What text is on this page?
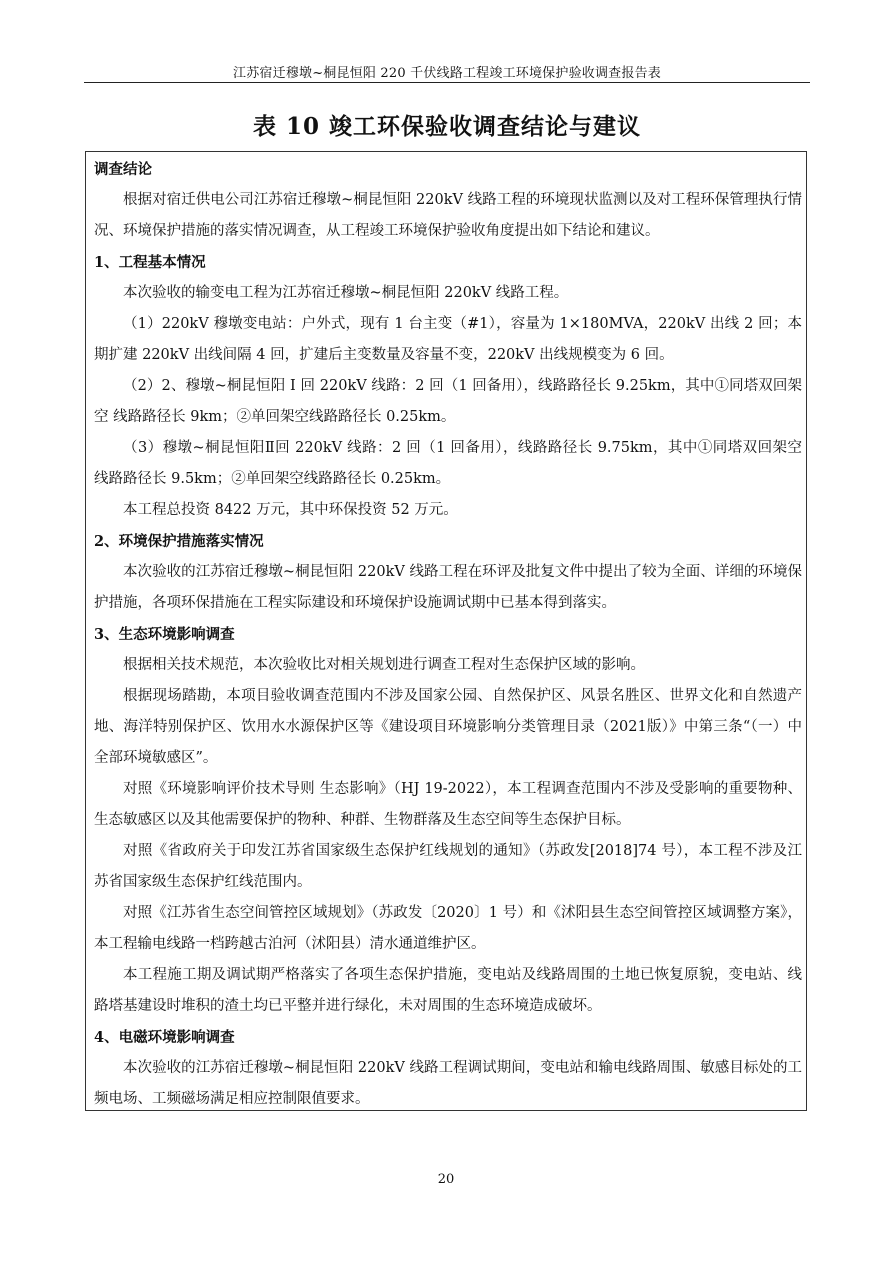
江苏宿迁穆墩~桐昆恒阳 220 千伏线路工程竣工环境保护验收调查报告表
表 10 竣工环保验收调查结论与建议
调查结论
根据对宿迁供电公司江苏宿迁穆墩~桐昆恒阳 220kV 线路工程的环境现状监测以及对工程环保管理执行情况、环境保护措施的落实情况调查，从工程竣工环境保护验收角度提出如下结论和建议。
1、工程基本情况
本次验收的输变电工程为江苏宿迁穆墩~桐昆恒阳 220kV 线路工程。
（1）220kV 穆墩变电站：户外式，现有 1 台主变（#1），容量为 1×180MVA，220kV 出线 2 回；本期扩建 220kV 出线间隔 4 回，扩建后主变数量及容量不变，220kV 出线规模变为 6 回。
（2）2、穆墩~桐昆恒阳 I 回 220kV 线路：2 回（1 回备用），线路路径长 9.25km，其中①同塔双回架空 线路路径长 9km；②单回架空线路路径长 0.25km。
（3）穆墩~桐昆恒阳Ⅱ回 220kV 线路：2 回（1 回备用），线路路径长 9.75km，其中①同塔双回架空 线路路径长 9.5km；②单回架空线路路径长 0.25km。
本工程总投资 8422 万元，其中环保投资 52 万元。
2、环境保护措施落实情况
本次验收的江苏宿迁穆墩~桐昆恒阳 220kV 线路工程在环评及批复文件中提出了较为全面、详细的环境保护措施，各项环保措施在工程实际建设和环境保护设施调试期中已基本得到落实。
3、生态环境影响调查
根据相关技术规范，本次验收比对相关规划进行调查工程对生态保护区域的影响。
根据现场踏勘，本项目验收调查范围内不涉及国家公园、自然保护区、风景名胜区、世界文化和自然遗产地、海洋特别保护区、饮用水水源保护区等《建设项目环境影响分类管理目录（2021版）》中第三条“（一）中全部环境敏感区”。
对照《环境影响评价技术导则 生态影响》（HJ 19-2022），本工程调查范围内不涉及受影响的重要物种、生态敏感区以及其他需要保护的物种、种群、生物群落及生态空间等生态保护目标。
对照《省政府关于印发江苏省国家级生态保护红线规划的通知》（苏政发[2018]74 号），本工程不涉及江苏省国家级生态保护红线范围内。
对照《江苏省生态空间管控区域规划》（苏政发〔2020〕1 号）和《沭阳县生态空间管控区域调整方案》，本工程输电线路一档跨越古泊河（沭阳县）清水通道维护区。
本工程施工期及调试期严格落实了各项生态保护措施，变电站及线路周围的土地已恢复原貌，变电站、线路塔基建设时堆积的渣土均已平整并进行绿化，未对周围的生态环境造成破坏。
4、电磁环境影响调查
本次验收的江苏宿迁穆墩~桐昆恒阳 220kV 线路工程调试期间，变电站和输电线路周围、敏感目标处的工频电场、工频磁场满足相应控制限值要求。
20
